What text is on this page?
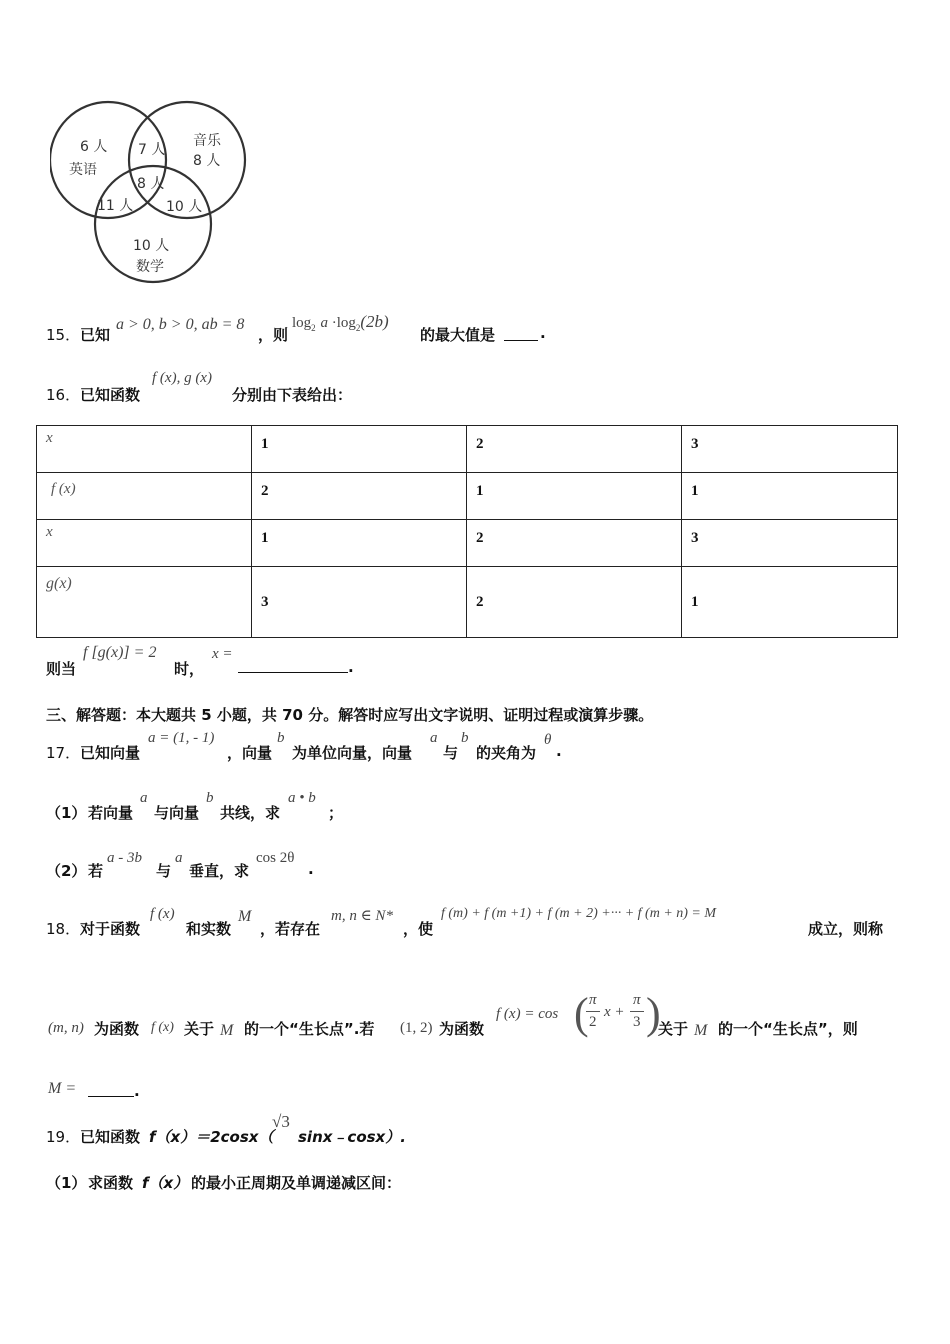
6 人
英语
音乐
8 人
7 人
8 人
11 人 10 人
10 人
数学
15． 已知
a > 0, b > 0, ab = 8
，则
$\log_2 a \cdot\log_2(2b)$
的最大值是	.
16． 已知函数
f (x), g (x)
分别由下表给出：
x	1	2	3
f (x)	2	1	1
x	1	2	3
g(x)	3	2	1
则当
f [g(x)] = 2
时，
x =
.
三、解答题：本大题共 5 小题，共 70 分。解答时应写出文字说明、证明过程或演算步骤。
17． 已知向量
a = (1, - 1)
，向量
b
为单位向量，向量
a
与
b
的夹角为
θ
.
（1） 若向量
a
与向量
b
共线，求
a • b
；
（2） 若
a - 3b
与
a
垂直，求
cos 2θ
.
18． 对于函数
f (x)
和实数
M
，若存在
m, n ∈ N*
，使
f (m) + f (m +1) + f (m + 2) +··· + f (m + n) = M
成立，则称
(m, n) 为函数 f (x) 关于 M 的一个“生长点”.若 (1, 2) 为函数
f (x) = cos ( π
2
x +
π
3 )
关于 M 的一个“生长点”，则
M =	.
19． 已知函数 f（x）＝2cosx（
√3
sinx﹣cosx）.
（1） 求函数 f（x） 的最小正周期及单调递减区间：
